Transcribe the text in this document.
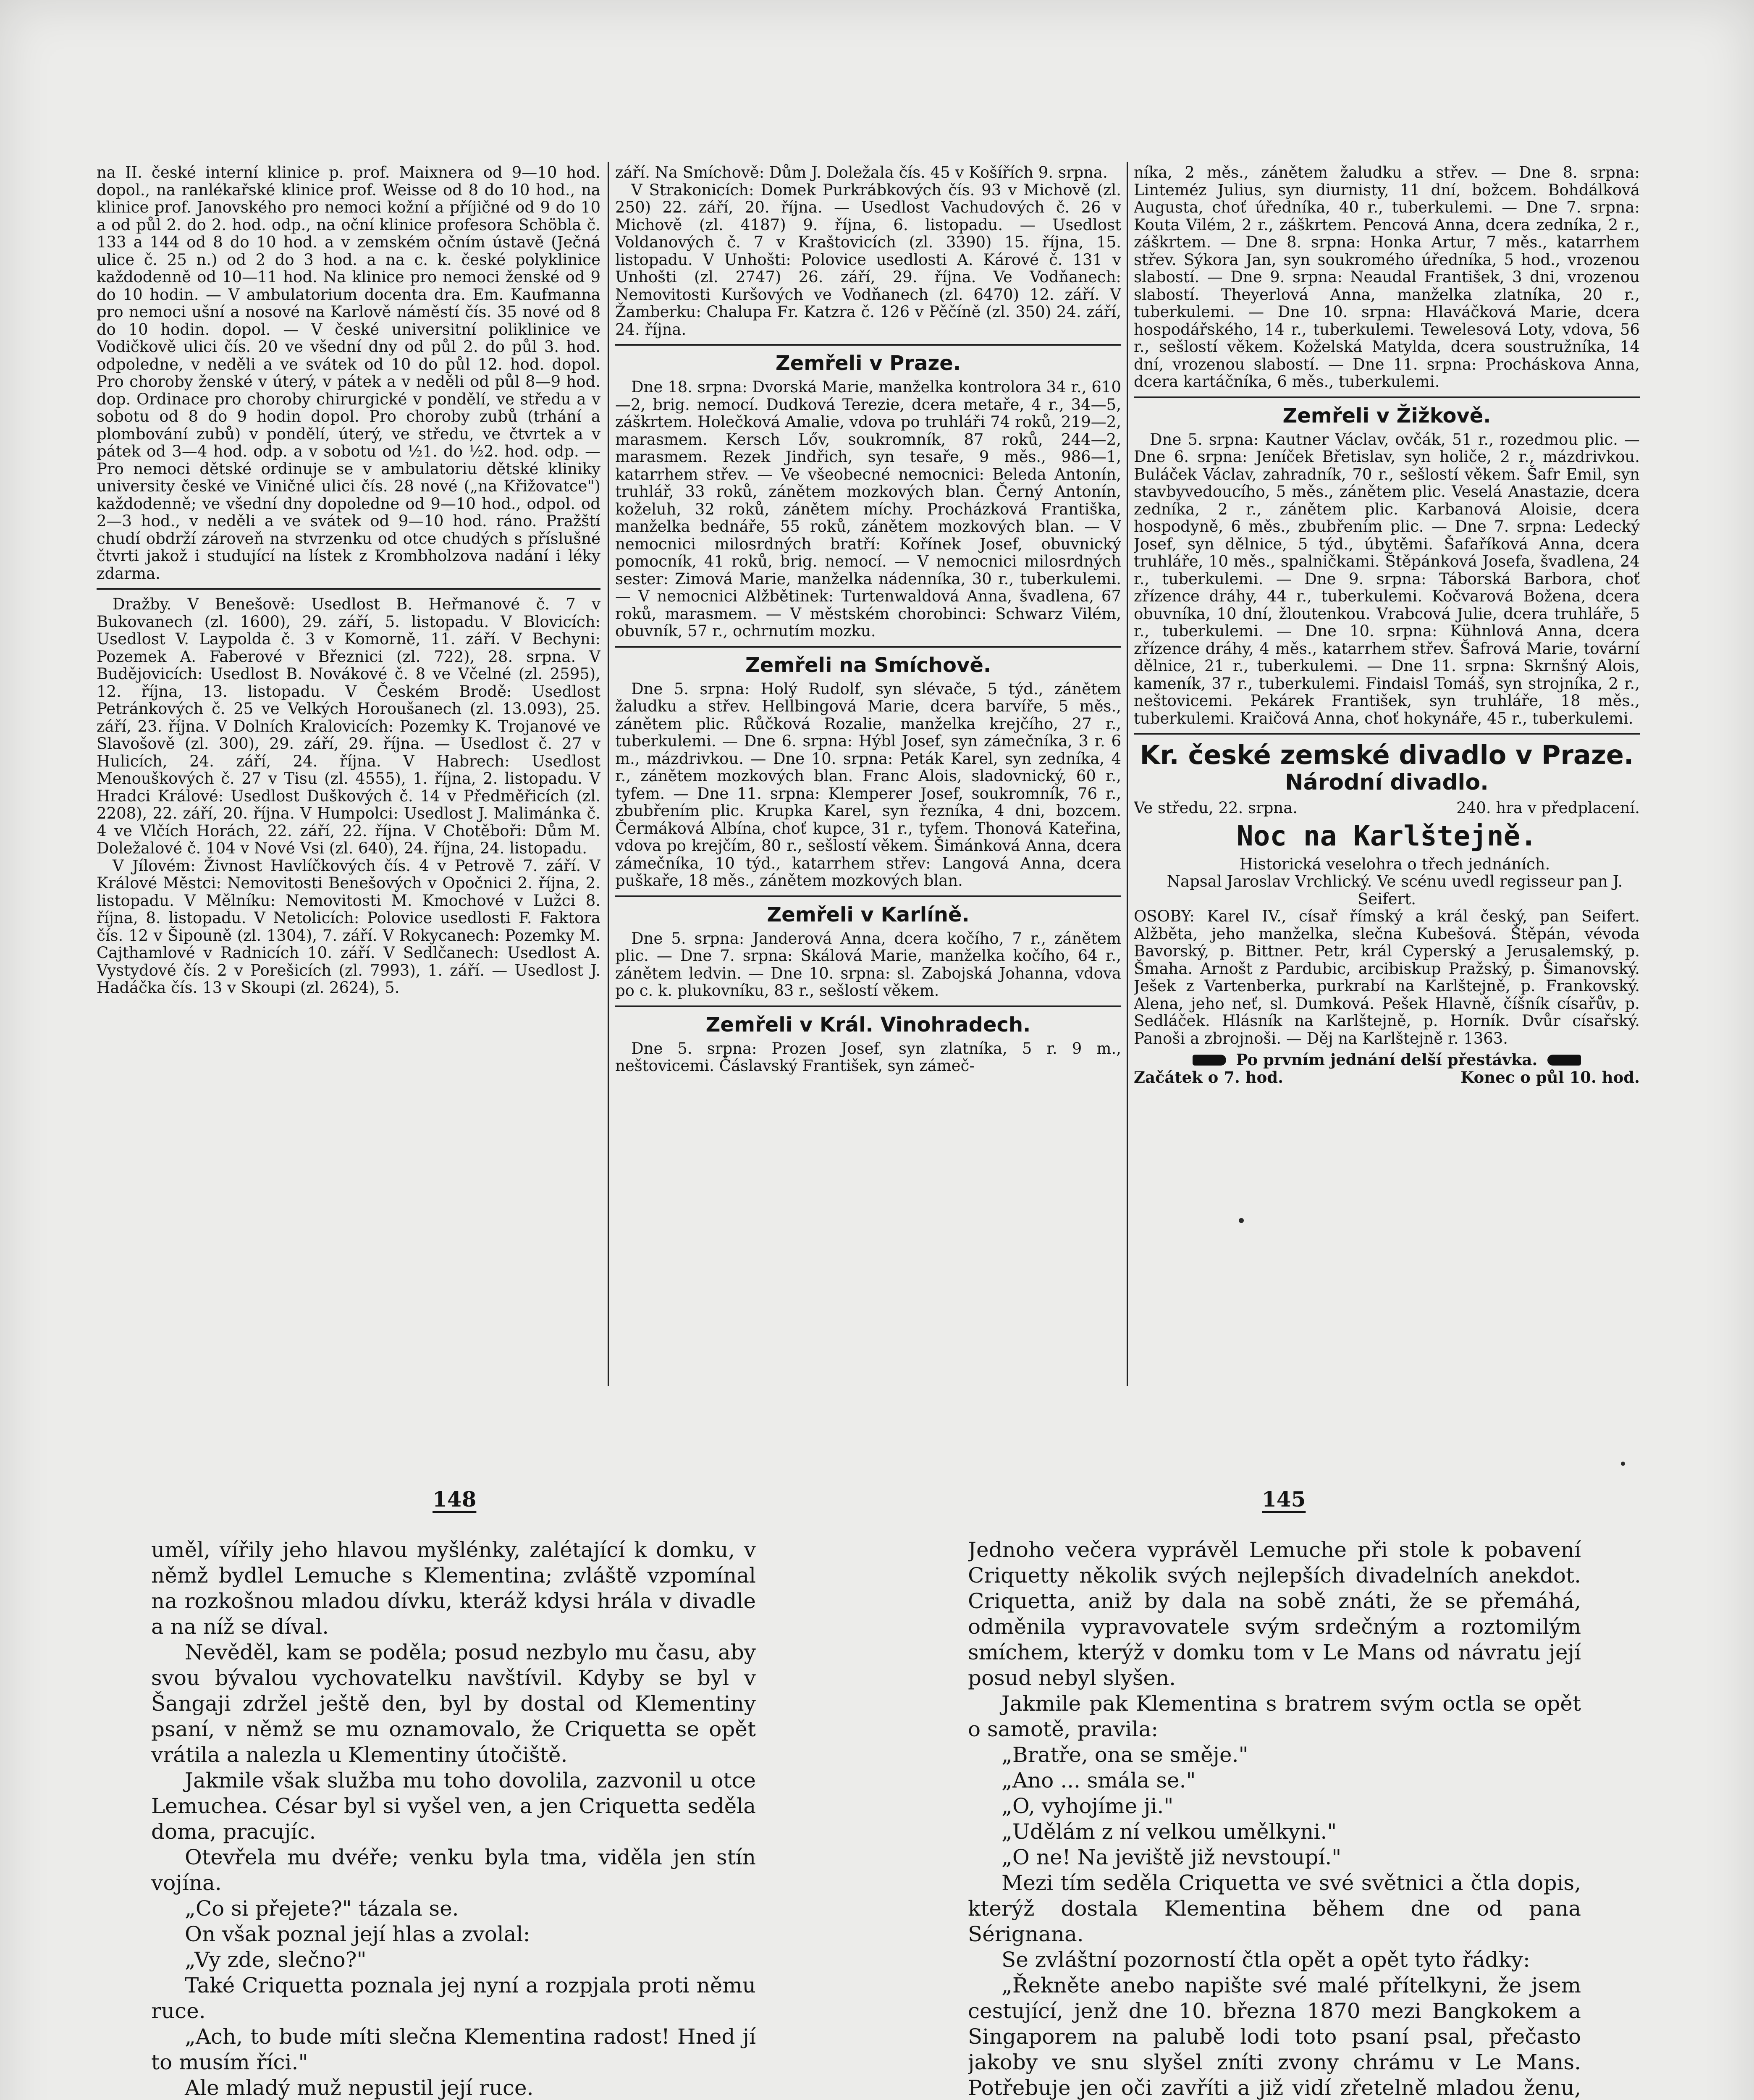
na II. české interní klinice p. prof. Maixnera od 9—10 hod. dopol., na ranlékařské klinice prof. Weisse od 8 do 10 hod., na klinice prof. Janovského pro nemoci kožní a příjičné od 9 do 10 a od půl 2. do 2. hod. odp., na oční klinice profesora Schöbla č. 133 a 144 od 8 do 10 hod. a v zemském očním ústavě (Ječná ulice č. 25 n.) od 2 do 3 hod. a na c. k. české polyklinice každodenně od 10—11 hod. Na klinice pro nemoci ženské od 9 do 10 hodin. — V ambulatorium docenta dra. Em. Kaufmanna pro nemoci ušní a nosové na Karlově náměstí čís. 35 nové od 8 do 10 hodin. dopol. — V české universitní poliklinice ve Vodičkově ulici čís. 20 ve všední dny od půl 2. do půl 3. hod. odpoledne, v neděli a ve svátek od 10 do půl 12. hod. dopol. Pro choroby ženské v úterý, v pátek a v neděli od půl 8—9 hod. dop. Ordinace pro choroby chirurgické v pondělí, ve středu a v sobotu od 8 do 9 hodin dopol. Pro choroby zubů (trhání a plombování zubů) v pondělí, úterý, ve středu, ve čtvrtek a v pátek od 3—4 hod. odp. a v sobotu od ½1. do ½2. hod. odp. — Pro nemoci dětské ordinuje se v ambulatoriu dětské kliniky university české ve Viničné ulici čís. 28 nové („na Křižovatce") každodenně; ve všední dny dopoledne od 9—10 hod., odpol. od 2—3 hod., v neděli a ve svátek od 9—10 hod. ráno. Pražští chudí obdrží zároveň na stvrzenku od otce chudých s příslušné čtvrti jakož i studující na lístek z Krombholzova nadání i léky zdarma.

Dražby. V Benešově: Usedlost B. Heřmanové č. 7 v Bukovanech (zl. 1600), 29. září, 5. listopadu. V Blovicích: Usedlost V. Laypolda č. 3 v Komorně, 11. září. V Bechyni: Pozemek A. Faberové v Březnici (zl. 722), 28. srpna. V Budějovicích: Usedlost B. Novákové č. 8 ve Včelné (zl. 2595), 12. října, 13. listopadu. V Českém Brodě: Usedlost Petránkových č. 25 ve Velkých Horoušanech (zl. 13.093), 25. září, 23. října. V Dolních Kralovicích: Pozemky K. Trojanové ve Slavošově (zl. 300), 29. září, 29. října. — Usedlost č. 27 v Hulicích, 24. září, 24. října. V Habrech: Usedlost Menouškových č. 27 v Tisu (zl. 4555), 1. října, 2. listopadu. V Hradci Králové: Usedlost Duškových č. 14 v Předměřicích (zl. 2208), 22. září, 20. října. V Humpolci: Usedlost J. Malimánka č. 4 ve Vlčích Horách, 22. září, 22. října. V Chotěboři: Dům M. Doležalové č. 104 v Nové Vsi (zl. 640), 24. října, 24. listopadu.

V Jílovém: Živnost Havlíčkových čís. 4 v Petrově 7. září. V Králové Městci: Nemovitosti Benešových v Opočnici 2. října, 2. listopadu. V Mělníku: Nemovitosti M. Kmochové v Lužci 8. října, 8. listopadu. V Netolicích: Polovice usedlosti F. Faktora čís. 12 v Šipouně (zl. 1304), 7. září. V Rokycanech: Pozemky M. Cajthamlové v Radnicích 10. září. V Sedlčanech: Usedlost A. Vystydové čís. 2 v Porešicích (zl. 7993), 1. září. — Usedlost J. Hadáčka čís. 13 v Skoupi (zl. 2624), 5.

září. Na Smíchově: Dům J. Doležala čís. 45 v Košířích 9. srpna.

V Strakonicích: Domek Purkrábkových čís. 93 v Michově (zl. 250) 22. září, 20. října. — Usedlost Vachudových č. 26 v Michově (zl. 4187) 9. října, 6. listopadu. — Usedlost Voldanových č. 7 v Kraštovicích (zl. 3390) 15. října, 15. listopadu. V Unhošti: Polovice usedlosti A. Kárové č. 131 v Unhošti (zl. 2747) 26. září, 29. října. Ve Vodňanech: Nemovitosti Kuršových ve Vodňanech (zl. 6470) 12. září. V Žamberku: Chalupa Fr. Katzra č. 126 v Pěčíně (zl. 350) 24. září, 24. října.

Zemřeli v Praze.

Dne 18. srpna: Dvorská Marie, manželka kontrolora 34 r., 610—2, brig. nemocí. Dudková Terezie, dcera metaře, 4 r., 34—5, záškrtem. Holečková Amalie, vdova po truhláři 74 roků, 219—2, marasmem. Kersch Lőv, soukromník, 87 roků, 244—2, marasmem. Rezek Jindřich, syn tesaře, 9 měs., 986—1, katarrhem střev. — Ve všeobecné nemocnici: Beleda Antonín, truhlář, 33 roků, zánětem mozkových blan. Černý Antonín, koželuh, 32 roků, zánětem míchy. Procházková Františka, manželka bednáře, 55 roků, zánětem mozkových blan. — V nemocnici milosrdných bratří: Kořínek Josef, obuvnický pomocník, 41 roků, brig. nemocí. — V nemocnici milosrdných sester: Zimová Marie, manželka nádenníka, 30 r., tuberkulemi. — V nemocnici Alžbětinek: Turtenwaldová Anna, švadlena, 67 roků, marasmem. — V městském chorobinci: Schwarz Vilém, obuvník, 57 r., ochrnutím mozku.

Zemřeli na Smíchově.

Dne 5. srpna: Holý Rudolf, syn slévače, 5 týd., zánětem žaludku a střev. Hellbingová Marie, dcera barvíře, 5 měs., zánětem plic. Růčková Rozalie, manželka krejčího, 27 r., tuberkulemi. — Dne 6. srpna: Hýbl Josef, syn zámečníka, 3 r. 6 m., mázdrivkou. — Dne 10. srpna: Peták Karel, syn zedníka, 4 r., zánětem mozkových blan. Franc Alois, sladovnický, 60 r., tyfem. — Dne 11. srpna: Klemperer Josef, soukromník, 76 r., zbubřením plic. Krupka Karel, syn řezníka, 4 dni, bozcem. Čermáková Albína, choť kupce, 31 r., tyfem. Thonová Kateřina, vdova po krejčím, 80 r., sešlostí věkem. Šimánková Anna, dcera zámečníka, 10 týd., katarrhem střev: Langová Anna, dcera puškaře, 18 měs., zánětem mozkových blan.

Zemřeli v Karlíně.

Dne 5. srpna: Janderová Anna, dcera kočího, 7 r., zánětem plic. — Dne 7. srpna: Skálová Marie, manželka kočího, 64 r., zánětem ledvin. — Dne 10. srpna: sl. Zabojská Johanna, vdova po c. k. plukovníku, 83 r., sešlostí věkem.

Zemřeli v Král. Vinohradech.

Dne 5. srpna: Prozen Josef, syn zlatníka, 5 r. 9 m., neštovicemi. Čáslavský František, syn zámeč-

níka, 2 měs., zánětem žaludku a střev. — Dne 8. srpna: Linteméz Julius, syn diurnisty, 11 dní, božcem. Bohdálková Augusta, choť úředníka, 40 r., tuberkulemi. — Dne 7. srpna: Kouta Vilém, 2 r., záškrtem. Pencová Anna, dcera zedníka, 2 r., záškrtem. — Dne 8. srpna: Honka Artur, 7 měs., katarrhem střev. Sýkora Jan, syn soukromého úředníka, 5 hod., vrozenou slabostí. — Dne 9. srpna: Neaudal František, 3 dni, vrozenou slabostí. Theyerlová Anna, manželka zlatníka, 20 r., tuberkulemi. — Dne 10. srpna: Hlaváčková Marie, dcera hospodářského, 14 r., tuberkulemi. Tewelesová Loty, vdova, 56 r., sešlostí věkem. Koželská Matylda, dcera soustružníka, 14 dní, vrozenou slabostí. — Dne 11. srpna: Procháskova Anna, dcera kartáčníka, 6 měs., tuberkulemi.

Zemřeli v Žižkově.

Dne 5. srpna: Kautner Václav, ovčák, 51 r., rozedmou plic. — Dne 6. srpna: Jeníček Břetislav, syn holiče, 2 r., mázdrivkou. Buláček Václav, zahradník, 70 r., sešlostí věkem. Šafr Emil, syn stavbyvedoucího, 5 měs., zánětem plic. Veselá Anastazie, dcera zedníka, 2 r., zánětem plic. Karbanová Aloisie, dcera hospodyně, 6 měs., zbubřením plic. — Dne 7. srpna: Ledecký Josef, syn dělnice, 5 týd., úbytěmi. Šafaříková Anna, dcera truhláře, 10 měs., spalničkami. Štěpánková Josefa, švadlena, 24 r., tuberkulemi. — Dne 9. srpna: Táborská Barbora, choť zřízence dráhy, 44 r., tuberkulemi. Kočvarová Božena, dcera obuvníka, 10 dní, žloutenkou. Vrabcová Julie, dcera truhláře, 5 r., tuberkulemi. — Dne 10. srpna: Kühnlová Anna, dcera zřízence dráhy, 4 měs., katarrhem střev. Šafrová Marie, tovární dělnice, 21 r., tuberkulemi. — Dne 11. srpna: Skrnšný Alois, kameník, 37 r., tuberkulemi. Findaisl Tomáš, syn strojníka, 2 r., neštovicemi. Pekárek František, syn truhláře, 18 měs., tuberkulemi. Kraičová Anna, choť hokynáře, 45 r., tuberkulemi.

Kr. české zemské divadlo v Praze.
Národní divadlo.
Ve středu, 22. srpna.	240. hra v předplacení.
Noc na Karlštejně.

Historická veselohra o třech jednáních.

Napsal Jaroslav Vrchlický. Ve scénu uvedl regisseur pan J. Seifert.

OSOBY: Karel IV., císař římský a král český, pan Seifert. Alžběta, jeho manželka, slečna Kubešová. Štěpán, vévoda Bavorský, p. Bittner. Petr, král Cyperský a Jerusalemský, p. Šmaha. Arnošt z Pardubic, arcibiskup Pražský, p. Šimanovský. Ješek z Vartenberka, purkrabí na Karlštejně, p. Frankovský. Alena, jeho neť, sl. Dumková. Pešek Hlavně, číšník císařův, p. Sedláček. Hlásník na Karlštejně, p. Horník. Dvůr císařský. Panoši a zbrojnoši. — Děj na Karlštejně r. 1363.

Po prvním jednání delší přestávka.
Začátek o 7. hod.	Konec o půl 10. hod.
148	145

uměl, vířily jeho hlavou myšlénky, zalétající k domku, v němž bydlel Lemuche s Klementina; zvláště vzpomínal na rozkošnou mladou dívku, kteráž kdysi hrála v divadle a na níž se díval.

Nevěděl, kam se poděla; posud nezbylo mu času, aby svou bývalou vychovatelku navštívil. Kdyby se byl v Šangaji zdržel ještě den, byl by dostal od Klementiny psaní, v němž se mu oznamovalo, že Criquetta se opět vrátila a nalezla u Klementiny útočiště.

Jakmile však služba mu toho dovolila, zazvonil u otce Lemuchea. César byl si vyšel ven, a jen Criquetta seděla doma, pracujíc.

Otevřela mu dvéře; venku byla tma, viděla jen stín vojína.

„Co si přejete?" tázala se.

On však poznal její hlas a zvolal:

„Vy zde, slečno?"

Také Criquetta poznala jej nyní a rozpjala proti němu ruce.

„Ach, to bude míti slečna Klementina radost! Hned jí to musím říci."

Ale mladý muž nepustil její ruce.

Jednoho večera vyprávěl Lemuche při stole k pobavení Criquetty několik svých nejlepších divadelních anekdot. Criquetta, aniž by dala na sobě znáti, že se přemáhá, odměnila vypravovatele svým srdečným a roztomilým smíchem, kterýž v domku tom v Le Mans od návratu její posud nebyl slyšen.

Jakmile pak Klementina s bratrem svým octla se opět o samotě, pravila:

„Bratře, ona se směje."

„Ano ... smála se."

„O, vyhojíme ji."

„Udělám z ní velkou umělkyni."

„O ne! Na jeviště již nevstoupí."

Mezi tím seděla Criquetta ve své světnici a čtla dopis, kterýž dostala Klementina během dne od pana Sérignana.

Se zvláštní pozorností čtla opět a opět tyto řádky:

„Řekněte anebo napište své malé přítelkyni, že jsem cestující, jenž dne 10. března 1870 mezi Bangkokem a Singaporem na palubě lodi toto psaní psal, přečasto jakoby ve snu slyšel zníti zvony chrámu v Le Mans. Potřebuje jen oči zavříti a již vidí zřetelně mladou ženu,
